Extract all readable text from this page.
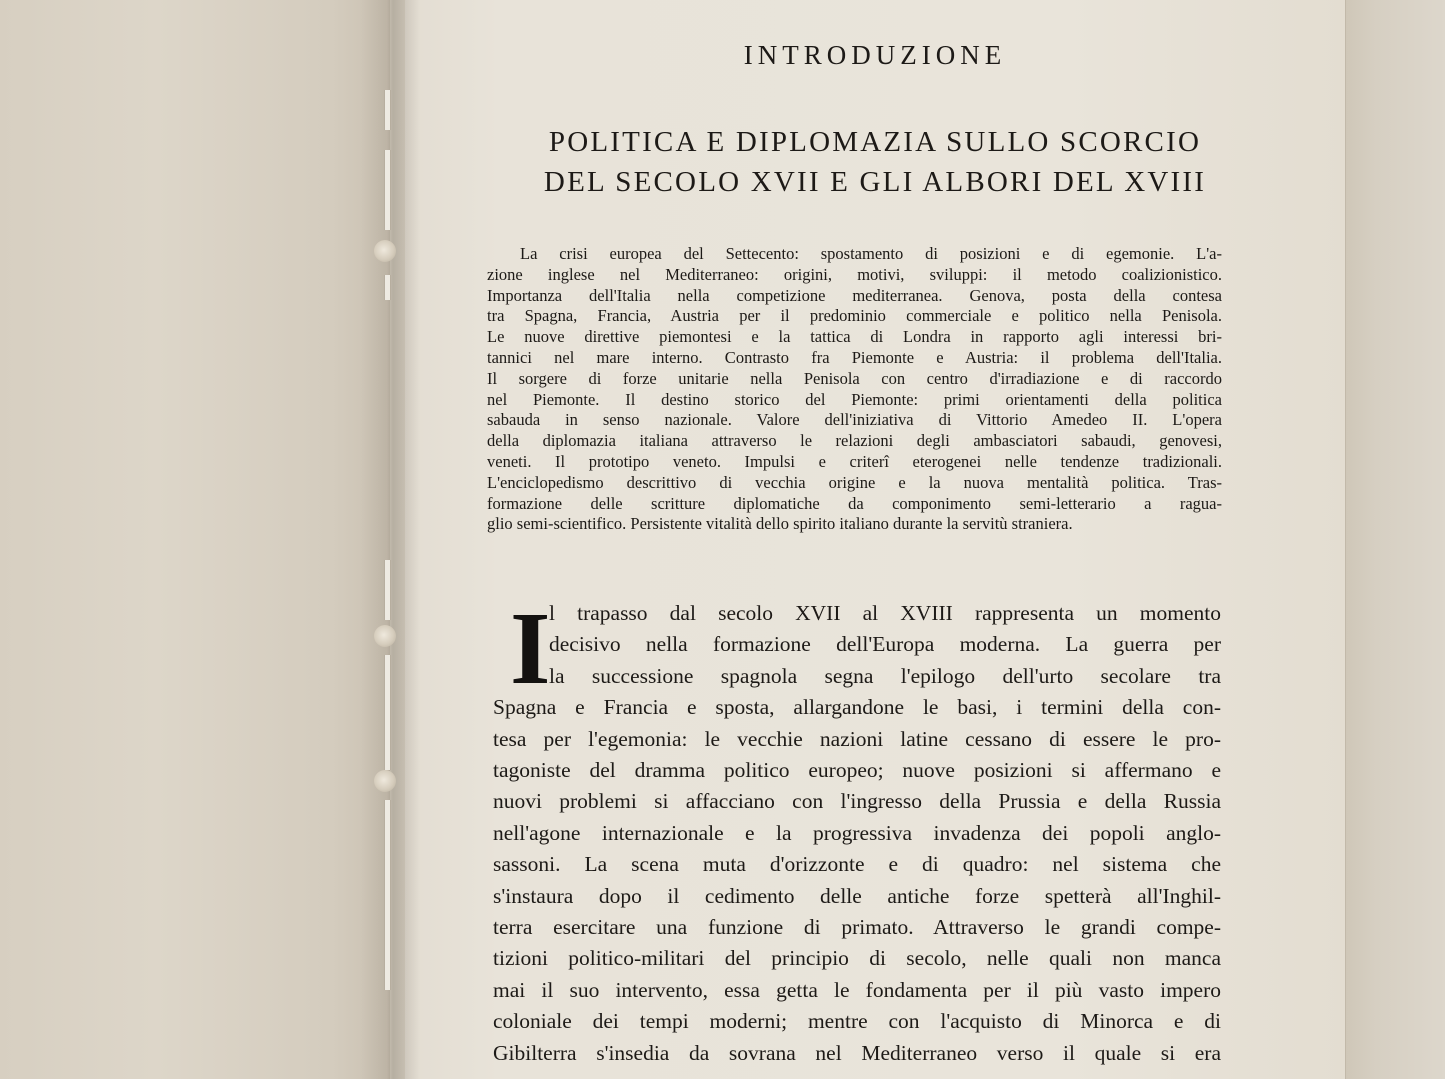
INTRODUZIONE
POLITICA E DIPLOMAZIA SULLO SCORCIO
DEL SECOLO XVII E GLI ALBORI DEL XVIII
La crisi europea del Settecento: spostamento di posizioni e di egemonie. L'a-
zione inglese nel Mediterraneo: origini, motivi, sviluppi: il metodo coalizionistico.
Importanza dell'Italia nella competizione mediterranea. Genova, posta della contesa
tra Spagna, Francia, Austria per il predominio commerciale e politico nella Penisola.
Le nuove direttive piemontesi e la tattica di Londra in rapporto agli interessi bri-
tannici nel mare interno. Contrasto fra Piemonte e Austria: il problema dell'Italia.
Il sorgere di forze unitarie nella Penisola con centro d'irradiazione e di raccordo
nel Piemonte. Il destino storico del Piemonte: primi orientamenti della politica
sabauda in senso nazionale. Valore dell'iniziativa di Vittorio Amedeo II. L'opera
della diplomazia italiana attraverso le relazioni degli ambasciatori sabaudi, genovesi,
veneti. Il prototipo veneto. Impulsi e criterî eterogenei nelle tendenze tradizionali.
L'enciclopedismo descrittivo di vecchia origine e la nuova mentalità politica. Tras-
formazione delle scritture diplomatiche da componimento semi-letterario a ragua-
glio semi-scientifico. Persistente vitalità dello spirito italiano durante la servitù straniera.
I
l trapasso dal secolo XVII al XVIII rappresenta un momento
decisivo nella formazione dell'Europa moderna. La guerra per
la successione spagnola segna l'epilogo dell'urto secolare tra
Spagna e Francia e sposta, allargandone le basi, i termini della con-
tesa per l'egemonia: le vecchie nazioni latine cessano di essere le pro-
tagoniste del dramma politico europeo; nuove posizioni si affermano e
nuovi problemi si affacciano con l'ingresso della Prussia e della Russia
nell'agone internazionale e la progressiva invadenza dei popoli anglo-
sassoni. La scena muta d'orizzonte e di quadro: nel sistema che
s'instaura dopo il cedimento delle antiche forze spetterà all'Inghil-
terra esercitare una funzione di primato. Attraverso le grandi compe-
tizioni politico-militari del principio di secolo, nelle quali non manca
mai il suo intervento, essa getta le fondamenta per il più vasto impero
coloniale dei tempi moderni; mentre con l'acquisto di Minorca e di
Gibilterra s'insedia da sovrana nel Mediterraneo verso il quale si era
